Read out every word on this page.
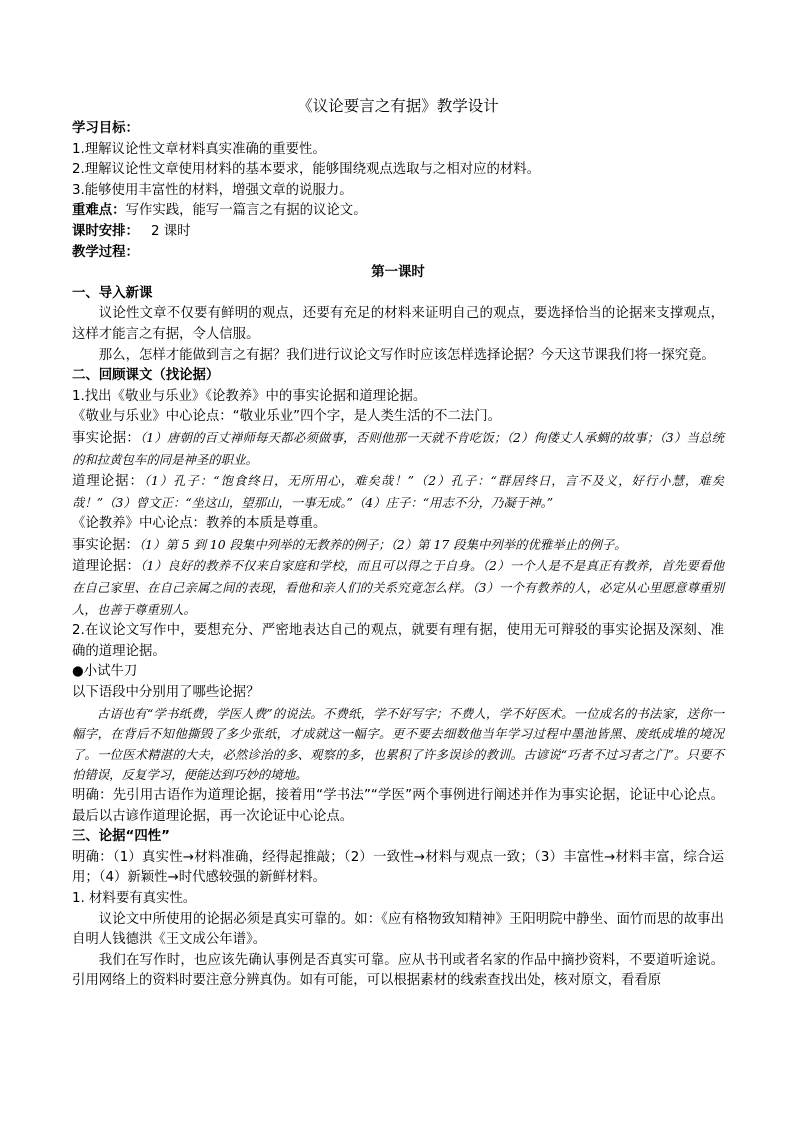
《议论要言之有据》教学设计

学习目标：

1.理解议论性文章材料真实准确的重要性。

2.理解议论性文章使用材料的基本要求，能够围绕观点选取与之相对应的材料。

3.能够使用丰富性的材料，增强文章的说服力。

重难点：写作实践，能写一篇言之有据的议论文。

课时安排： 2 课时

教学过程：

第一课时

一、导入新课

议论性文章不仅要有鲜明的观点，还要有充足的材料来证明自己的观点，要选择恰当的论据来支撑观点，这样才能言之有据，令人信服。

那么，怎样才能做到言之有据？我们进行议论文写作时应该怎样选择论据？今天这节课我们将一探究竟。

二、回顾课文（找论据）

1.找出《敬业与乐业》《论教养》中的事实论据和道理论据。

《敬业与乐业》中心论点：“敬业乐业”四个字，是人类生活的不二法门。

事实论据：（1）唐朝的百丈禅师每天都必须做事，否则他那一天就不肯吃饭；（2）佝偻丈人承蜩的故事；（3）当总统的和拉黄包车的同是神圣的职业。

道理论据：（1）孔子：“饱食终日，无所用心，难矣哉！”（2）孔子：“群居终日，言不及义，好行小慧，难矣哉！”（3）曾文正：“坐这山，望那山，一事无成。”（4）庄子：“用志不分，乃凝于神。”

《论教养》中心论点：教养的本质是尊重。

事实论据：（1）第 5 到 10 段集中列举的无教养的例子；（2）第 17 段集中列举的优雅举止的例子。

道理论据：（1）良好的教养不仅来自家庭和学校，而且可以得之于自身。（2）一个人是不是真正有教养，首先要看他在自己家里、在自己亲属之间的表现，看他和亲人们的关系究竟怎么样。（3）一个有教养的人，必定从心里愿意尊重别人，也善于尊重别人。

2.在议论文写作中，要想充分、严密地表达自己的观点，就要有理有据，使用无可辩驳的事实论据及深刻、准确的道理论据。

●小试牛刀

以下语段中分别用了哪些论据？

古语也有“学书纸费，学医人费”的说法。不费纸，学不好写字；不费人，学不好医术。一位成名的书法家，送你一幅字，在背后不知他撕毁了多少张纸，才成就这一幅字。更不要去细数他当年学习过程中墨池皆黑、废纸成堆的境况了。一位医术精湛的大夫，必然诊治的多、观察的多，也累积了许多误诊的教训。古谚说“巧者不过习者之门”。只要不怕错误，反复学习，便能达到巧妙的境地。

明确：先引用古语作为道理论据，接着用“学书法”“学医”两个事例进行阐述并作为事实论据，论证中心论点。最后以古谚作道理论据，再一次论证中心论点。

三、论据“四性”

明确：（1）真实性→材料准确，经得起推敲；（2）一致性→材料与观点一致；（3）丰富性→材料丰富，综合运用；（4）新颖性→时代感较强的新鲜材料。

1. 材料要有真实性。

议论文中所使用的论据必须是真实可靠的。如：《应有格物致知精神》王阳明院中静坐、面竹而思的故事出自明人钱德洪《王文成公年谱》。

我们在写作时，也应该先确认事例是否真实可靠。应从书刊或者名家的作品中摘抄资料，不要道听途说。引用网络上的资料时要注意分辨真伪。如有可能，可以根据素材的线索查找出处，核对原文，看看原
